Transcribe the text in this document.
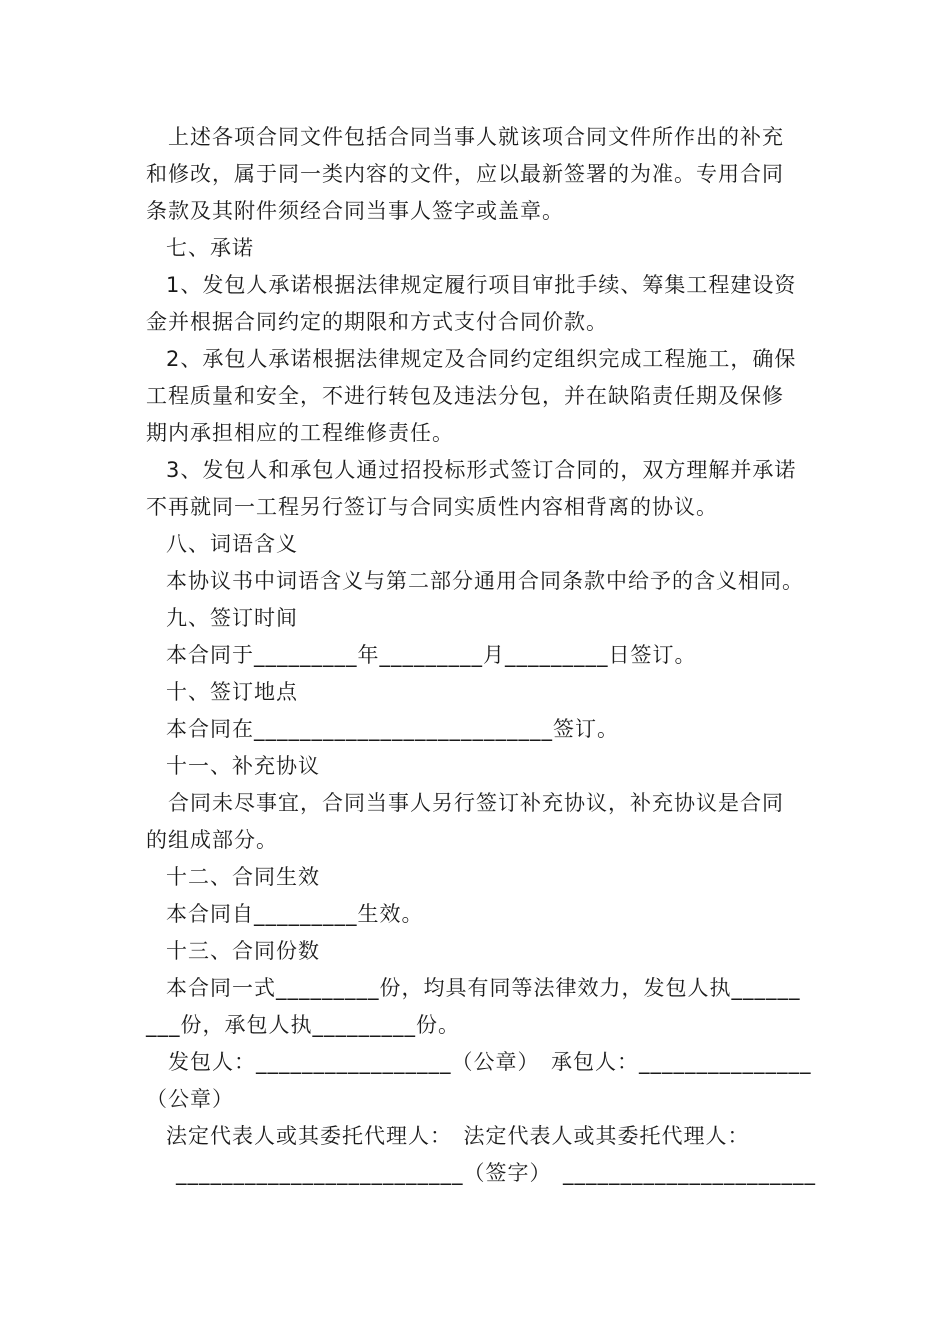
　上述各项合同文件包括合同当事人就该项合同文件所作出的补充
和修改，属于同一类内容的文件，应以最新签署的为准。专用合同
条款及其附件须经合同当事人签字或盖章。
七、承诺
1、发包人承诺根据法律规定履行项目审批手续、筹集工程建设资
金并根据合同约定的期限和方式支付合同价款。
2、承包人承诺根据法律规定及合同约定组织完成工程施工，确保
工程质量和安全，不进行转包及违法分包，并在缺陷责任期及保修
期内承担相应的工程维修责任。
3、发包人和承包人通过招投标形式签订合同的，双方理解并承诺
不再就同一工程另行签订与合同实质性内容相背离的协议。
八、词语含义
本协议书中词语含义与第二部分通用合同条款中给予的含义相同。
九、签订时间
本合同于_________年_________月_________日签订。
十、签订地点
本合同在__________________________签订。
十一、补充协议
　合同未尽事宜，合同当事人另行签订补充协议，补充协议是合同
的组成部分。
十二、合同生效
本合同自_________生效。
十三、合同份数
本合同一式_________份，均具有同等法律效力，发包人执______
___份，承包人执_________份。
　发包人：_________________（公章）　承包人：_______________
（公章）
法定代表人或其委托代理人：　法定代表人或其委托代理人：
_________________________（签字）　______________________
